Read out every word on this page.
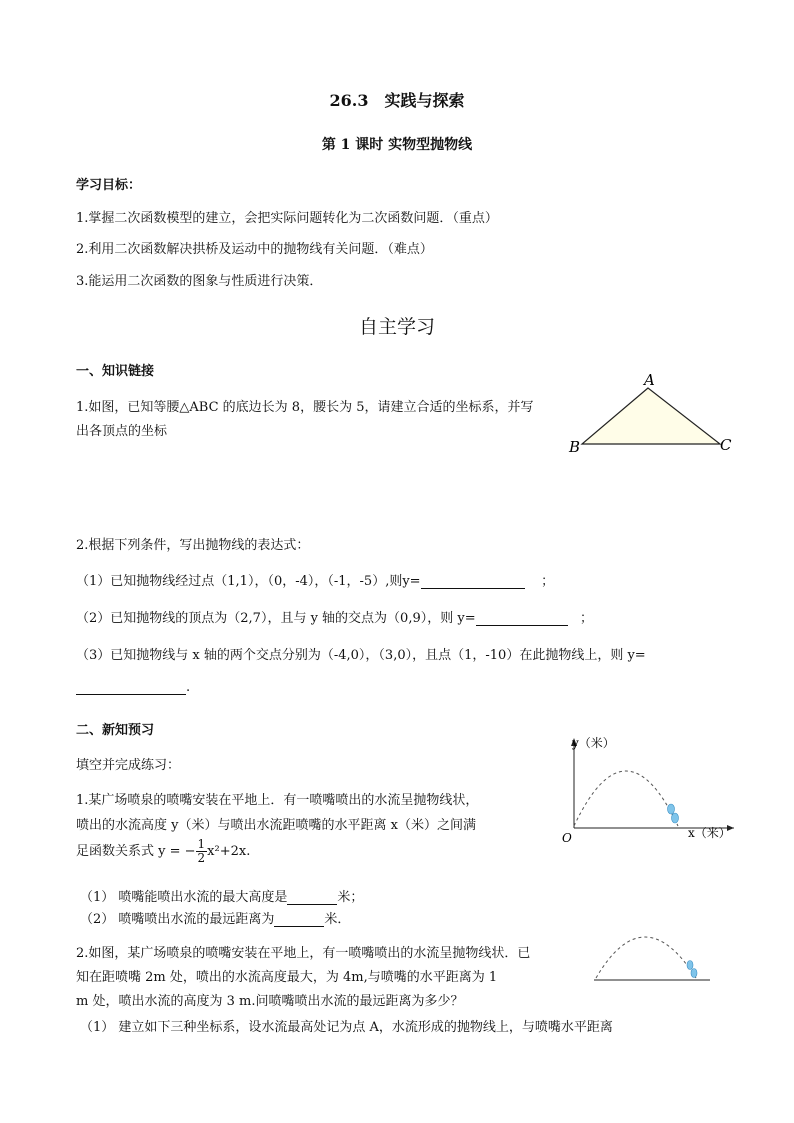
26.3　实践与探索
第 1 课时 实物型抛物线
学习目标：
1.掌握二次函数模型的建立，会把实际问题转化为二次函数问题．（重点）
2.利用二次函数解决拱桥及运动中的抛物线有关问题．（难点）
3.能运用二次函数的图象与性质进行决策．
自主学习
一、知识链接
1.如图，已知等腰△ABC 的底边长为 8，腰长为 5，请建立合适的坐标系，并写
出各顶点的坐标
A
B	C
2.根据下列条件，写出抛物线的表达式：
（1）已知抛物线经过点（1,1），（0，-4），（-1，-5）,则y=	；
（2）已知抛物线的顶点为（2,7），且与 y 轴的交点为（0,9），则 y=	；
（3）已知抛物线与 x 轴的两个交点分别为（-4,0），（3,0），且点（1，-10）在此抛物线上，则 y=
.
二、新知预习
填空并完成练习：
1.某广场喷泉的喷嘴安装在平地上．有一喷嘴喷出的水流呈抛物线状，
喷出的水流高度 y（米）与喷出水流距喷嘴的水平距离 x（米）之间满
足函数关系式 y = − $\frac{1}{2} x^2+2x$.
（1） 喷嘴能喷出水流的最大高度是	米；
（2） 喷嘴喷出水流的最远距离为	米．
y（米）
x（米）
O
2.如图，某广场喷泉的喷嘴安装在平地上，有一喷嘴喷出的水流呈抛物线状．已
知在距喷嘴 2m 处，喷出的水流高度最大，为 4m,与喷嘴的水平距离为 1
m 处，喷出水流的高度为 3 m.问喷嘴喷出水流的最远距离为多少？
（1） 建立如下三种坐标系，设水流最高处记为点 A，水流形成的抛物线上，与喷嘴水平距离
